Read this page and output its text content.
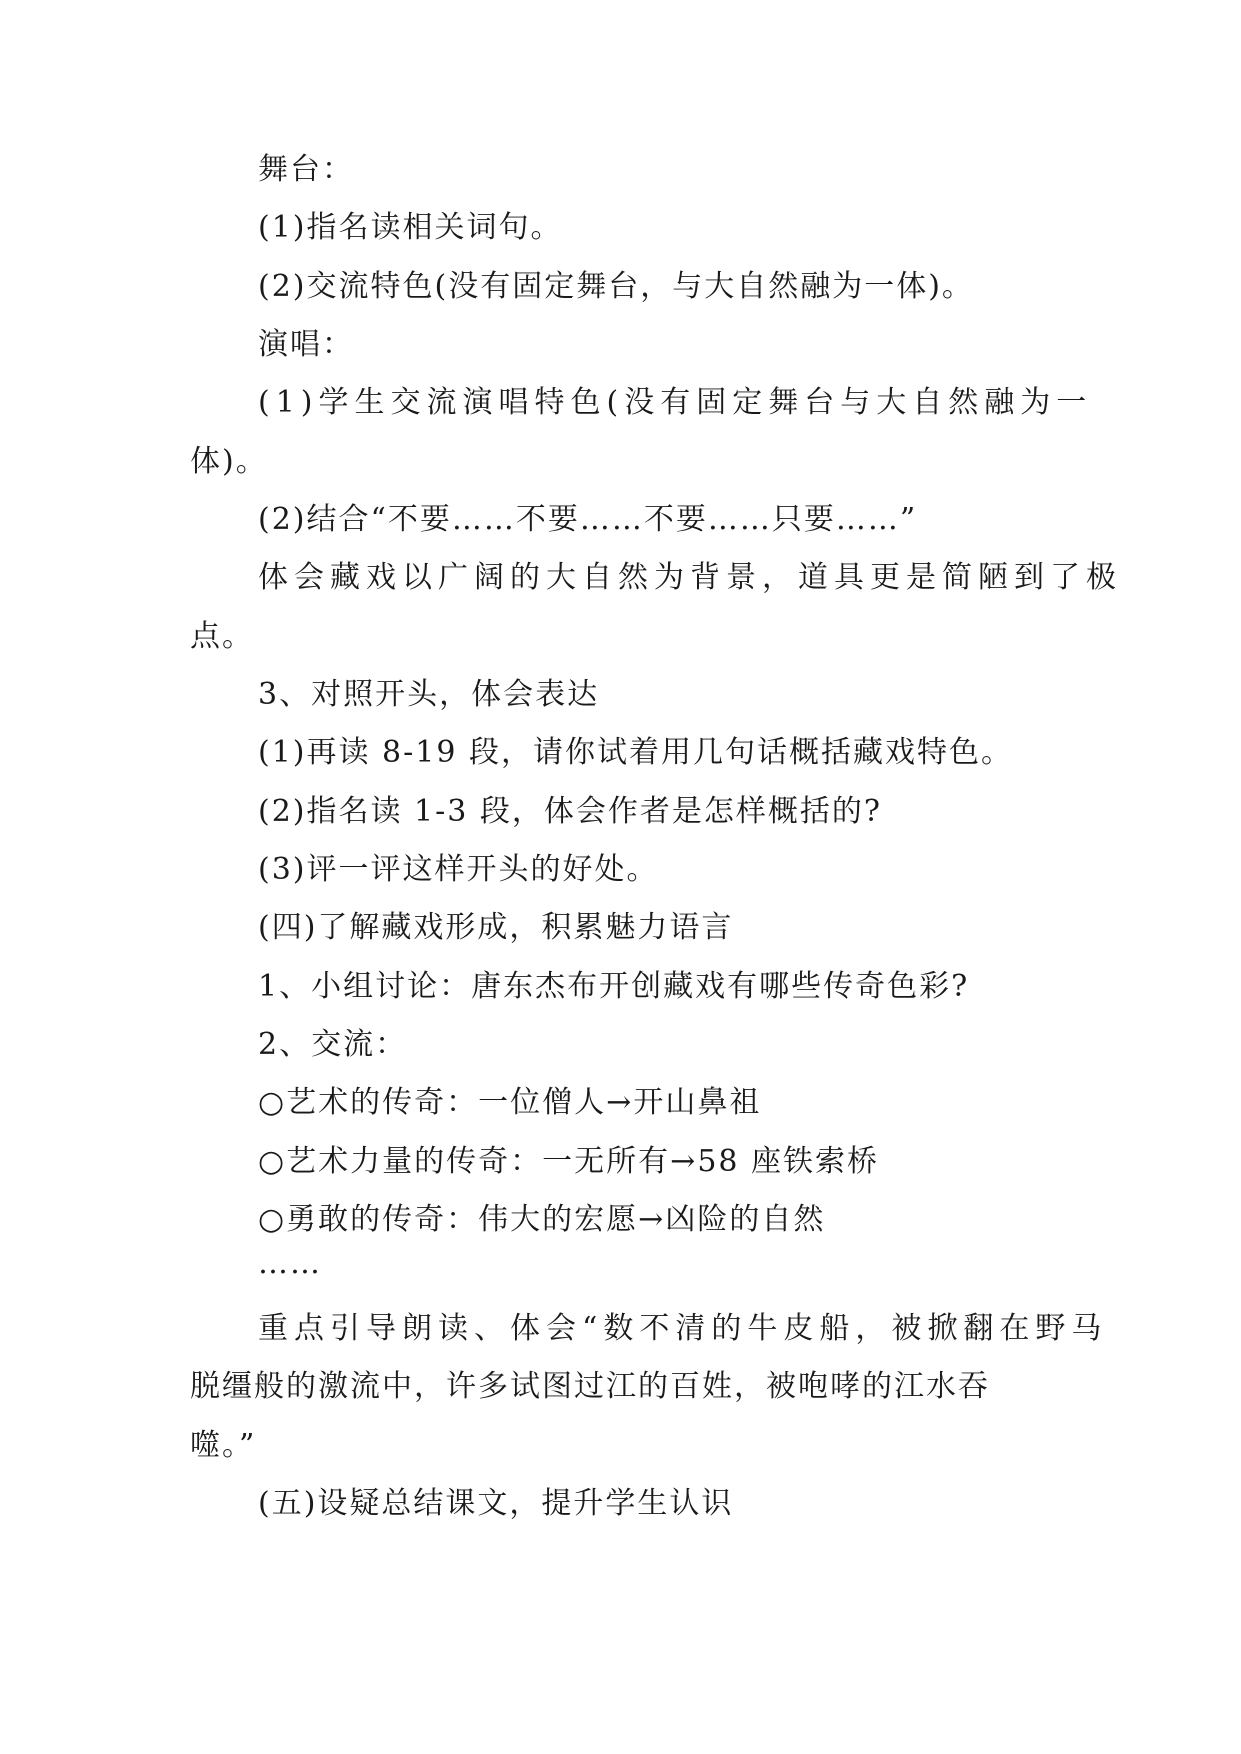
舞台：
(1)指名读相关词句。
(2)交流特色(没有固定舞台，与大自然融为一体)。
演唱：
(1)学生交流演唱特色(没有固定舞台与大自然融为一
体)。
(2)结合“不要……不要……不要……只要……”
体会藏戏以广阔的大自然为背景，道具更是简陋到了极
点。
3、对照开头，体会表达
(1)再读 8-19 段，请你试着用几句话概括藏戏特色。
(2)指名读 1-3 段，体会作者是怎样概括的?
(3)评一评这样开头的好处。
(四)了解藏戏形成，积累魅力语言
1、小组讨论：唐东杰布开创藏戏有哪些传奇色彩?
2、交流：
○艺术的传奇：一位僧人→开山鼻祖
○艺术力量的传奇：一无所有→58 座铁索桥
○勇敢的传奇：伟大的宏愿→凶险的自然
……
重点引导朗读、体会“数不清的牛皮船，被掀翻在野马
脱缰般的激流中，许多试图过江的百姓，被咆哮的江水吞
噬。”
(五)设疑总结课文，提升学生认识
